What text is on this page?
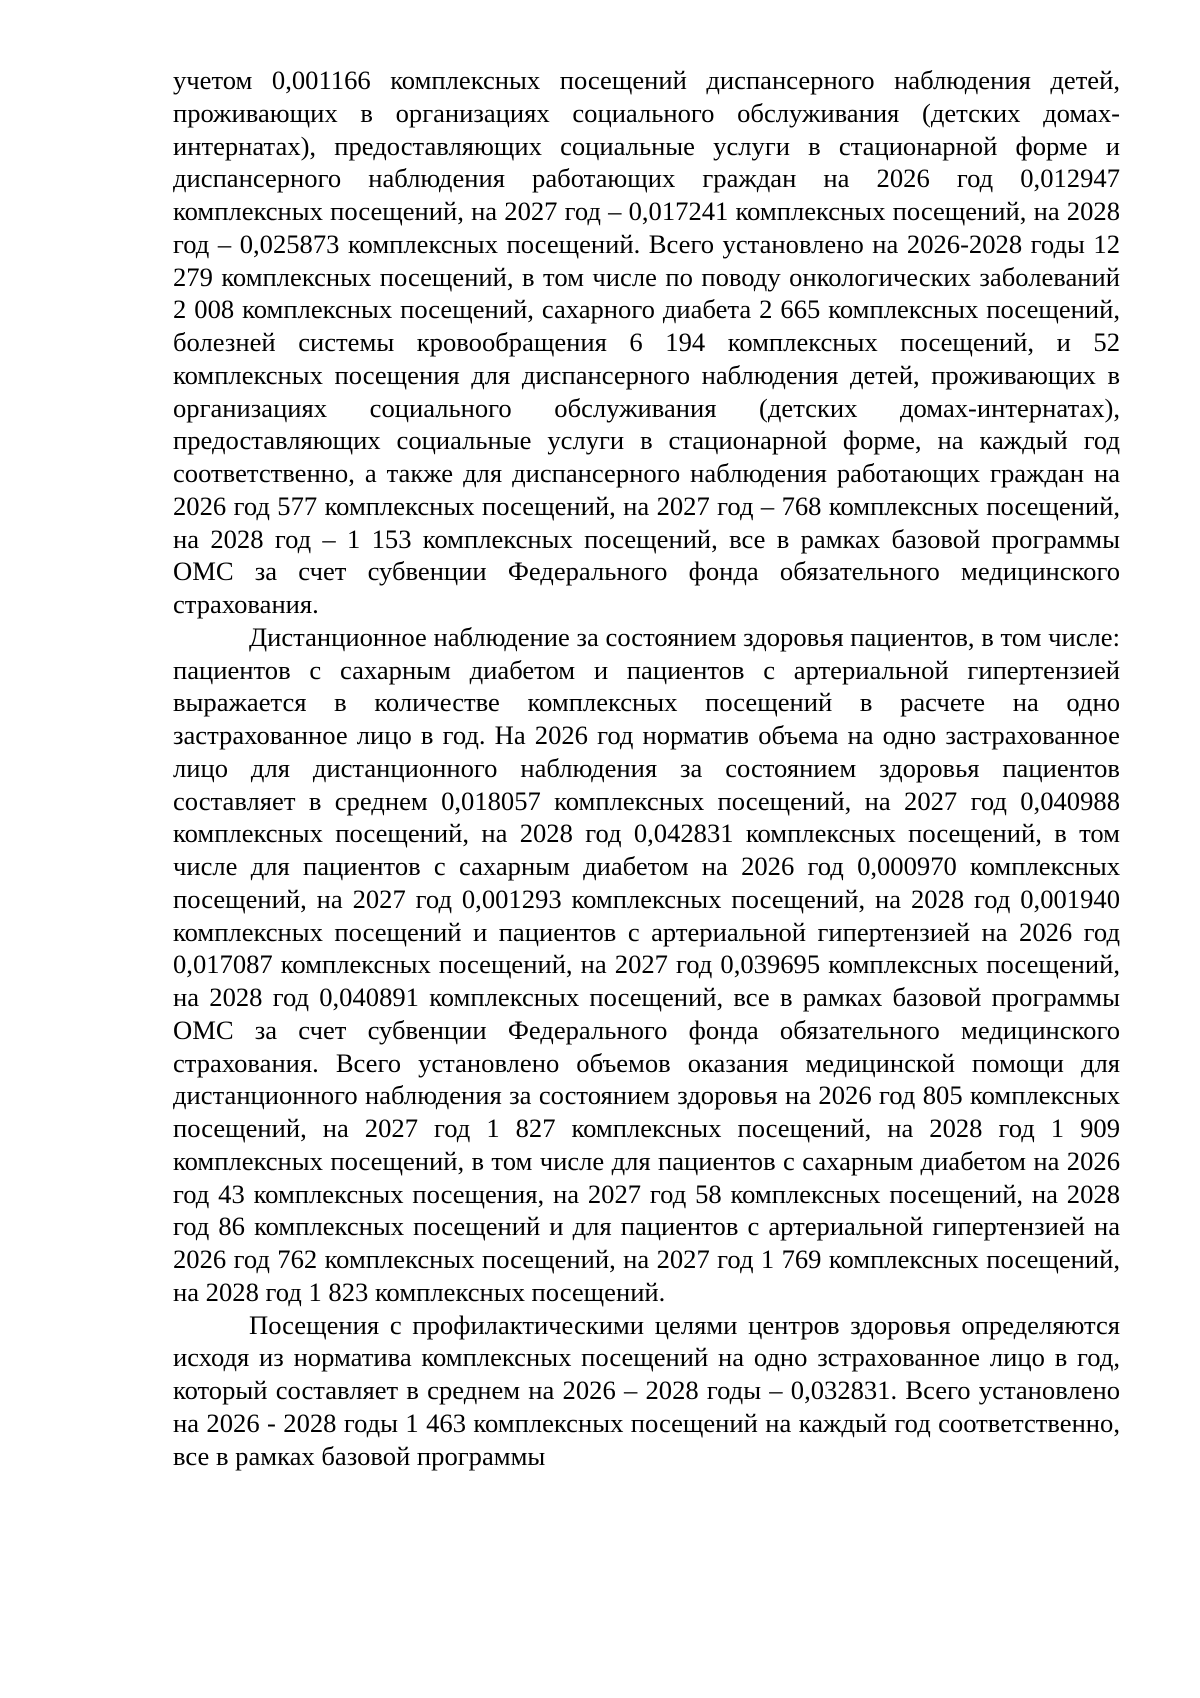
учетом 0,001166 комплексных посещений диспансерного наблюдения детей, проживающих в организациях социального обслуживания (детских домах-интернатах), предоставляющих социальные услуги в стационарной форме и диспансерного наблюдения работающих граждан на 2026 год 0,012947 комплексных посещений, на 2027 год – 0,017241 комплексных посещений, на 2028 год – 0,025873 комплексных посещений. Всего установлено на 2026-2028 годы 12 279 комплексных посещений, в том числе по поводу онкологических заболеваний 2 008 комплексных посещений, сахарного диабета 2 665 комплексных посещений, болезней системы кровообращения 6 194 комплексных посещений, и 52 комплексных посещения для диспансерного наблюдения детей, проживающих в организациях социального обслуживания (детских домах-интернатах), предоставляющих социальные услуги в стационарной форме, на каждый год соответственно, а также для диспансерного наблюдения работающих граждан на 2026 год 577 комплексных посещений, на 2027 год – 768 комплексных посещений, на 2028 год – 1 153 комплексных посещений, все в рамках базовой программы ОМС за счет субвенции Федерального фонда обязательного медицинского страхования.

Дистанционное наблюдение за состоянием здоровья пациентов, в том числе: пациентов с сахарным диабетом и пациентов с артериальной гипертензией выражается в количестве комплексных посещений в расчете на одно застрахованное лицо в год. На 2026 год норматив объема на одно застрахованное лицо для дистанционного наблюдения за состоянием здоровья пациентов составляет в среднем 0,018057 комплексных посещений, на 2027 год 0,040988 комплексных посещений, на 2028 год 0,042831 комплексных посещений, в том числе для пациентов с сахарным диабетом на 2026 год 0,000970 комплексных посещений, на 2027 год 0,001293 комплексных посещений, на 2028 год 0,001940 комплексных посещений и пациентов с артериальной гипертензией на 2026 год 0,017087 комплексных посещений, на 2027 год 0,039695 комплексных посещений, на 2028 год 0,040891 комплексных посещений, все в рамках базовой программы ОМС за счет субвенции Федерального фонда обязательного медицинского страхования. Всего установлено объемов оказания медицинской помощи для дистанционного наблюдения за состоянием здоровья на 2026 год 805 комплексных посещений, на 2027 год 1 827 комплексных посещений, на 2028 год 1 909 комплексных посещений, в том числе для пациентов с сахарным диабетом на 2026 год 43 комплексных посещения, на 2027 год 58 комплексных посещений, на 2028 год 86 комплексных посещений и для пациентов с артериальной гипертензией на 2026 год 762 комплексных посещений, на 2027 год 1 769 комплексных посещений, на 2028 год 1 823 комплексных посещений.

Посещения с профилактическими целями центров здоровья определяются исходя из норматива комплексных посещений на одно зстрахованное лицо в год, который составляет в среднем на 2026 – 2028 годы – 0,032831. Всего установлено на 2026 - 2028 годы 1 463 комплексных посещений на каждый год соответственно, все в рамках базовой программы
